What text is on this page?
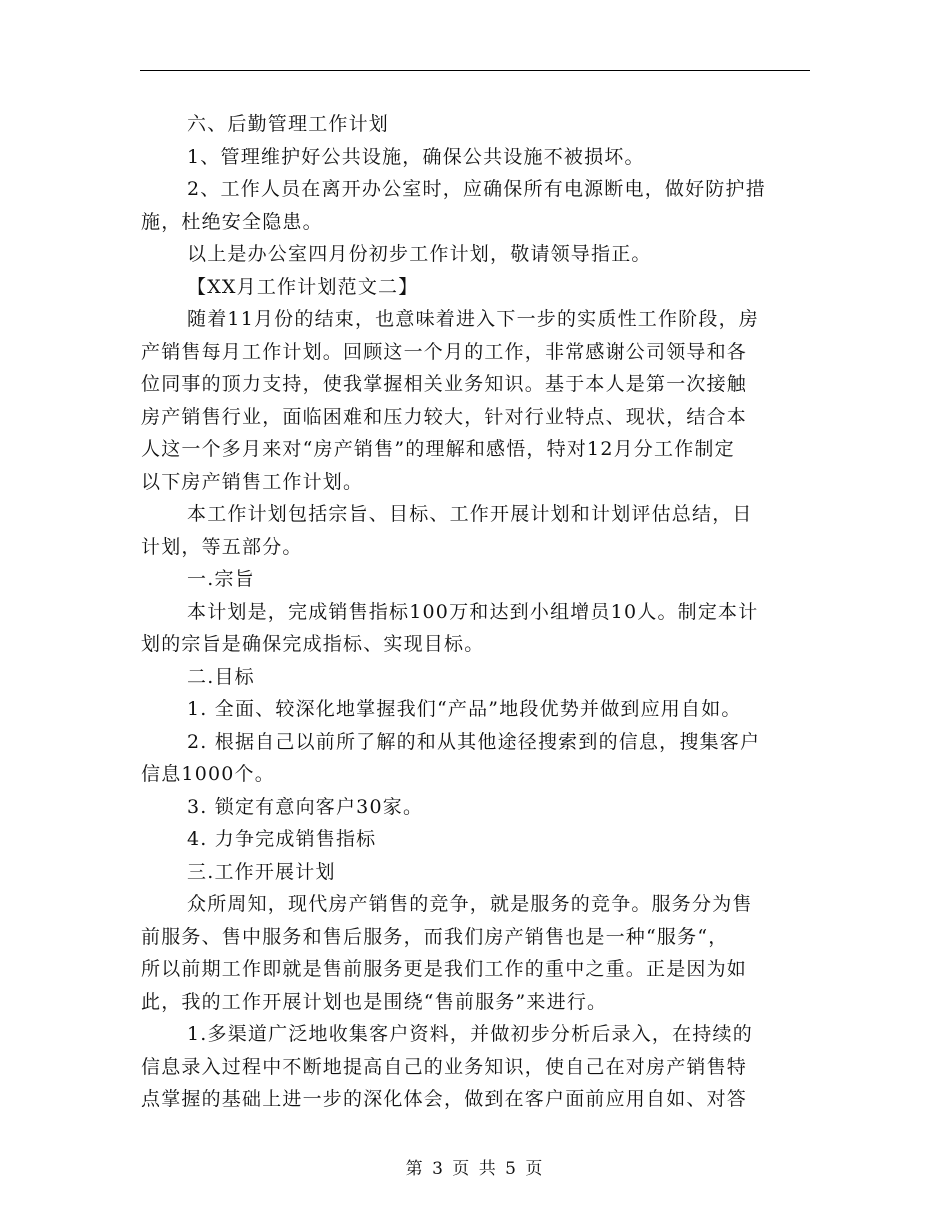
六、后勤管理工作计划
1、管理维护好公共设施，确保公共设施不被损坏。
2、工作人员在离开办公室时，应确保所有电源断电，做好防护措
施，杜绝安全隐患。
以上是办公室四月份初步工作计划，敬请领导指正。
【XX月工作计划范文二】
随着11月份的结束，也意味着进入下一步的实质性工作阶段，房
产销售每月工作计划。回顾这一个月的工作，非常感谢公司领导和各
位同事的顶力支持，使我掌握相关业务知识。基于本人是第一次接触
房产销售行业，面临困难和压力较大，针对行业特点、现状，结合本
人这一个多月来对“房产销售”的理解和感悟，特对12月分工作制定
以下房产销售工作计划。
本工作计划包括宗旨、目标、工作开展计划和计划评估总结，日
计划，等五部分。
一.宗旨
本计划是，完成销售指标100万和达到小组增员10人。制定本计
划的宗旨是确保完成指标、实现目标。
二.目标
1. 全面、较深化地掌握我们“产品”地段优势并做到应用自如。
2. 根据自己以前所了解的和从其他途径搜索到的信息，搜集客户
信息1000个。
3. 锁定有意向客户30家。
4. 力争完成销售指标
三.工作开展计划
众所周知，现代房产销售的竞争，就是服务的竞争。服务分为售
前服务、售中服务和售后服务，而我们房产销售也是一种“服务“，
所以前期工作即就是售前服务更是我们工作的重中之重。正是因为如
此，我的工作开展计划也是围绕“售前服务”来进行。
1.多渠道广泛地收集客户资料，并做初步分析后录入，在持续的
信息录入过程中不断地提高自己的业务知识，使自己在对房产销售特
点掌握的基础上进一步的深化体会，做到在客户面前应用自如、对答
第 3 页 共 5 页
